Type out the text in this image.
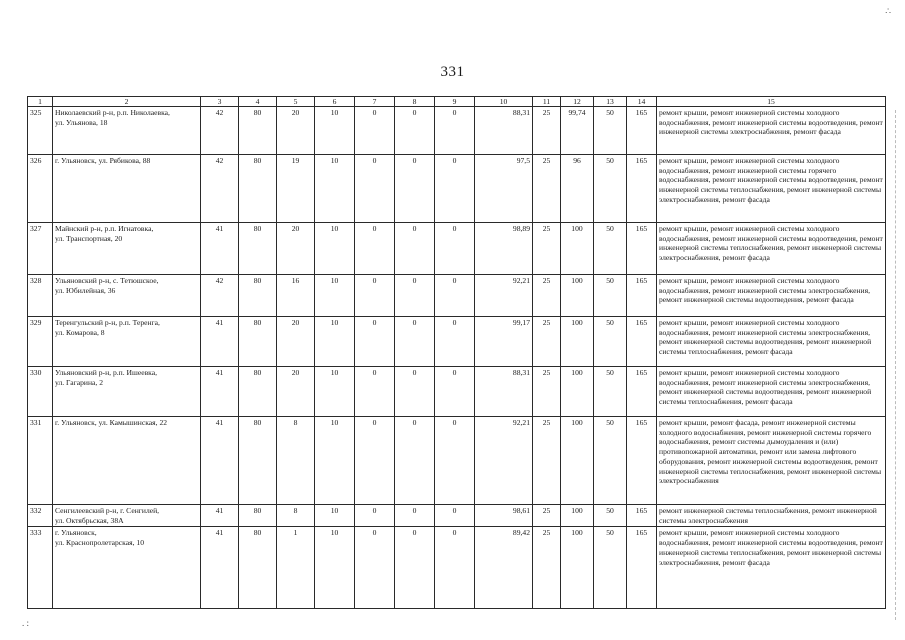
∴
. :
331
1	2	3	4	5	6	7	8	9	10	11	12	13	14	15
325	Николаевский р-н, р.п. Николаевка,
ул. Ульянова, 18	42	80	20	10	0	0	0	88,31	25	99,74	50	165	ремонт крыши, ремонт инженерной системы холодного водоснабжения, ремонт инженерной системы водоотведения, ремонт инженерной системы электроснабжения, ремонт фасада
326	г. Ульяновск, ул. Рябикова, 88	42	80	19	10	0	0	0	97,5	25	96	50	165	ремонт крыши, ремонт инженерной системы холодного водоснабжения, ремонт инженерной системы горячего водоснабжения, ремонт инженерной системы водоотведения, ремонт инженерной системы теплоснабжения, ремонт инженерной системы электроснабжения, ремонт фасада
327	Майнский р-н, р.п. Игнатовка,
ул. Транспортная, 20	41	80	20	10	0	0	0	98,89	25	100	50	165	ремонт крыши, ремонт инженерной системы холодного водоснабжения, ремонт инженерной системы водоотведения, ремонт инженерной системы теплоснабжения, ремонт инженерной системы электроснабжения, ремонт фасада
328	Ульяновский р-н, с. Тетюшское,
ул. Юбилейная, 36	42	80	16	10	0	0	0	92,21	25	100	50	165	ремонт крыши, ремонт инженерной системы холодного водоснабжения, ремонт инженерной системы электроснабжения, ремонт инженерной системы водоотведения, ремонт фасада
329	Теренгульский р-н, р.п. Теренга,
ул. Комарова, 8	41	80	20	10	0	0	0	99,17	25	100	50	165	ремонт крыши, ремонт инженерной системы холодного водоснабжения, ремонт инженерной системы электроснабжения, ремонт инженерной системы водоотведения, ремонт инженерной системы теплоснабжения, ремонт фасада
330	Ульяновский р-н, р.п. Ишеевка,
ул. Гагарина, 2	41	80	20	10	0	0	0	88,31	25	100	50	165	ремонт крыши, ремонт инженерной системы холодного водоснабжения, ремонт инженерной системы электроснабжения, ремонт инженерной системы водоотведения, ремонт инженерной системы теплоснабжения, ремонт фасада
331	г. Ульяновск, ул. Камышинская, 22	41	80	8	10	0	0	0	92,21	25	100	50	165	ремонт крыши, ремонт фасада, ремонт инженерной системы холодного водоснабжения, ремонт инженерной системы горячего водоснабжения, ремонт системы дымоудаления и (или) противопожарной автоматики, ремонт или замена лифтового оборудования, ремонт инженерной системы водоотведения, ремонт инженерной системы теплоснабжения, ремонт инженерной системы электроснабжения
332	Сенгилеевский р-н, г. Сенгилей,
ул. Октябрьская, 38А	41	80	8	10	0	0	0	98,61	25	100	50	165	ремонт инженерной системы теплоснабжения, ремонт инженерной системы электроснабжения
333	г. Ульяновск,
ул. Краснопролетарская, 10	41	80	1	10	0	0	0	89,42	25	100	50	165	ремонт крыши, ремонт инженерной системы холодного водоснабжения, ремонт инженерной системы водоотведения, ремонт инженерной системы теплоснабжения, ремонт инженерной системы электроснабжения, ремонт фасада
